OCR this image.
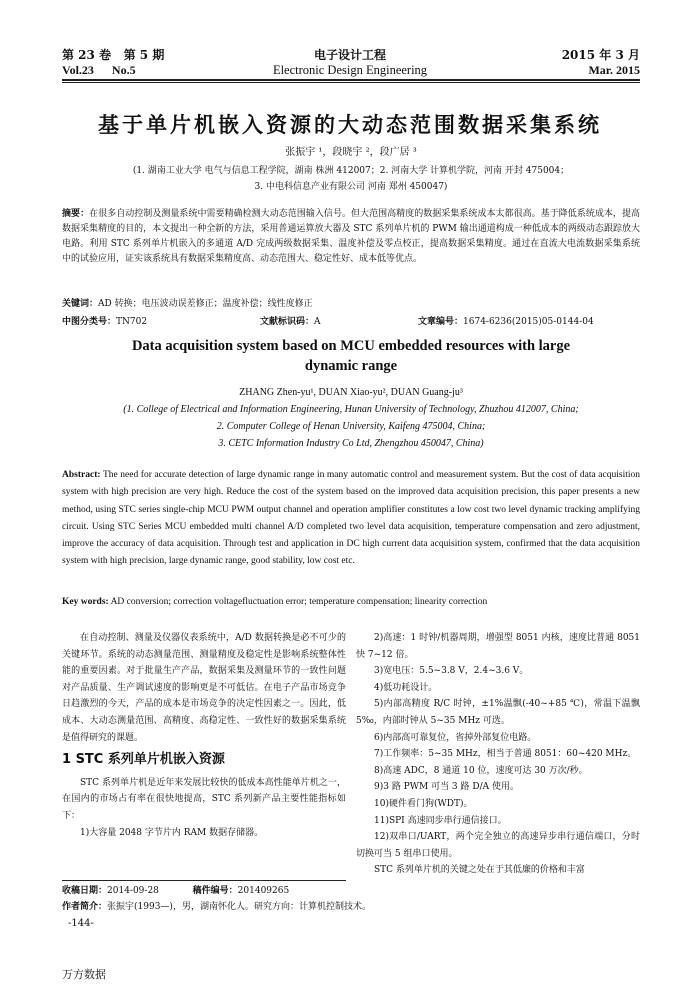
第 23 卷 第 5 期
Vol.23 No.5
电子设计工程
Electronic Design Engineering
2015 年 3 月
Mar. 2015
基于单片机嵌入资源的大动态范围数据采集系统
张振宇 ¹，段晓宇 ²，段广居 ³
(1. 湖南工业大学 电气与信息工程学院，湖南 株洲 412007；2. 河南大学 计算机学院，河南 开封 475004；
3. 中电科信息产业有限公司 河南 郑州 450047)
摘要：在很多自动控制及测量系统中需要精确检测大动态范围输入信号。但大范围高精度的数据采集系统成本太都很高。基于降低系统成本，提高数据采集精度的目的，本文提出一种全新的方法，采用普通运算放大器及 STC 系列单片机的 PWM 输出通道构成一种低成本的两级动态跟踪放大电路。利用 STC 系列单片机嵌入的多通道 A/D 完成两级数据采集、温度补偿及零点校正，提高数据采集精度。通过在直流大电流数据采集系统中的试验应用，证实该系统具有数据采集精度高、动态范围大、稳定性好、成本低等优点。
关键词：AD 转换；电压波动误差修正；温度补偿；线性度修正
中图分类号：TN702	文献标识码：A	文章编号：1674-6236(2015)05-0144-04
Data acquisition system based on MCU embedded resources with large
dynamic range
ZHANG Zhen-yu¹, DUAN Xiao-yu², DUAN Guang-ju³
(1. College of Electrical and Information Engineering, Hunan University of Technology, Zhuzhou 412007, China;
2. Computer College of Henan University, Kaifeng 475004, China;
3. CETC Information Industry Co Ltd, Zhengzhou 450047, China)
Abstract: The need for accurate detection of large dynamic range in many automatic control and measurement system. But the cost of data acquisition system with high precision are very high. Reduce the cost of the system based on the improved data acquisition precision, this paper presents a new method, using STC series single-chip MCU PWM output channel and operation amplifier constitutes a low cost two level dynamic tracking amplifying circuit. Using STC Series MCU embedded multi channel A/D completed two level data acquisition, temperature compensation and zero adjustment, improve the accuracy of data acquisition. Through test and application in DC high current data acquisition system, confirmed that the data acquisition system with high precision, large dynamic range, good stability, low cost etc.
Key words: AD conversion; correction voltagefluctuation error; temperature compensation; linearity correction

在自动控制、测量及仪器仪表系统中，A/D 数据转换是必不可少的关键环节。系统的动态测量范围、测量精度及稳定性是影响系统整体性能的重要因素。对于批量生产产品，数据采集及测量环节的一致性问题对产品质量、生产调试速度的影响更是不可低估。在电子产品市场竞争日趋激烈的今天，产品的成本是市场竞争的决定性因素之一。因此，低成本、大动态测量范围、高精度、高稳定性、一致性好的数据采集系统是值得研究的课题。

1 STC 系列单片机嵌入资源

STC 系列单片机是近年来发展比较快的低成本高性能单片机之一，在国内的市场占有率在很快地提高，STC 系列新产品主要性能指标如下：

1)大容量 2048 字节片内 RAM 数据存储器。

2)高速：1 时钟/机器周期，增强型 8051 内核，速度比普通 8051 快 7~12 倍。

3)宽电压：5.5~3.8 V，2.4~3.6 V。

4)低功耗设计。

5)内部高精度 R/C 时钟，±1%温飘(-40~+85 ℃)，常温下温飘 5‰，内部时钟从 5~35 MHz 可选。

6)内部高可靠复位，省掉外部复位电路。

7)工作频率：5~35 MHz，相当于普通 8051：60~420 MHz。

8)高速 ADC，8 通道 10 位，速度可达 30 万次/秒。

9)3 路 PWM 可当 3 路 D/A 使用。

10)硬件看门狗(WDT)。

11)SPI 高速同步串行通信接口。

12)双串口/UART，两个完全独立的高速异步串行通信端口，分时切换可当 5 组串口使用。

STC 系列单片机的关键之处在于其低廉的价格和丰富

收稿日期：2014-09-28	稿件编号：201409265
作者简介：张振宇(1993—)，男，湖南怀化人。研究方向：计算机控制技术。
-144-
万方数据
